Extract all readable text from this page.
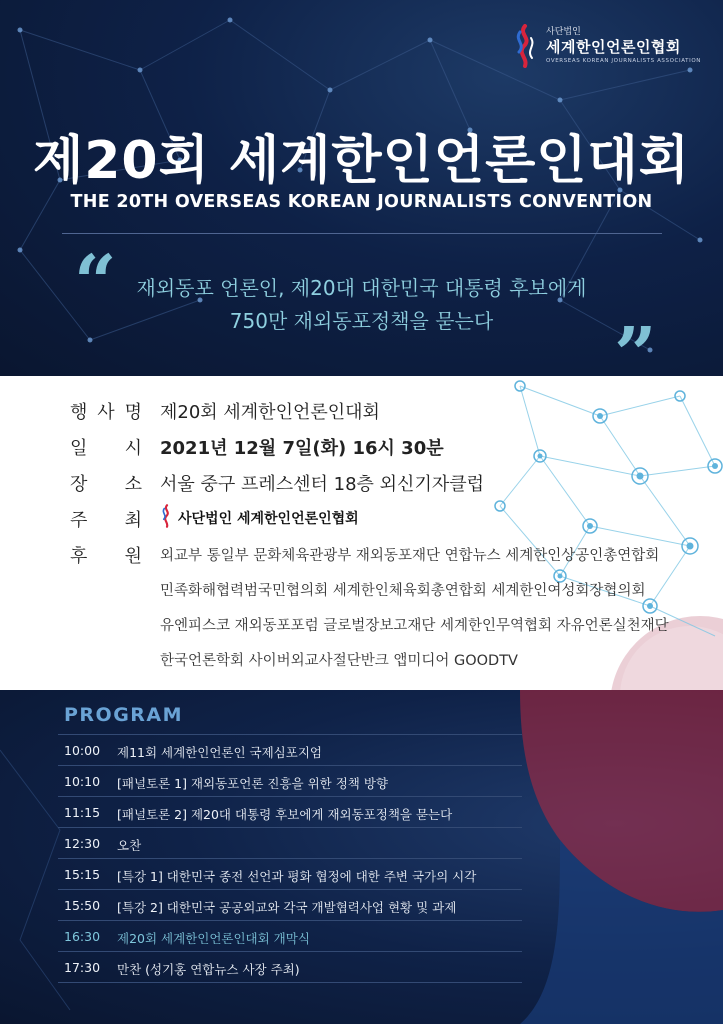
사단법인
세계한인언론인협회
OVERSEAS KOREAN JOURNALISTS ASSOCIATION
제20회 세계한인언론인대회
THE 20TH OVERSEAS KOREAN JOURNALISTS CONVENTION
“ 재외동포 언론인, 제20대 대한민국 대통령 후보에게
750만 재외동포정책을 묻는다	”
행 사 명 제20회 세계한인언론인대회
일 시 2021년 12월 7일(화) 16시 30분
장 소 서울 중구 프레스센터 18층 외신기자클럽
주 최	사단법인 세계한인언론인협회
후 원 외교부 통일부 문화체육관광부 재외동포재단 연합뉴스 세계한인상공인총연합회
민족화해협력범국민협의회 세계한인체육회총연합회 세계한인여성회장협의회
유엔피스코 재외동포포럼 글로벌장보고재단 세계한인무역협회 자유언론실천재단
한국언론학회 사이버외교사절단반크 앱미디어 GOODTV
PROGRAM
10:00	제11회 세계한인언론인 국제심포지엄
10:10	[패널토론 1] 재외동포언론 진흥을 위한 정책 방향
11:15	[패널토론 2] 제20대 대통령 후보에게 재외동포정책을 묻는다
12:30	오찬
15:15	[특강 1] 대한민국 종전 선언과 평화 협정에 대한 주변 국가의 시각
15:50	[특강 2] 대한민국 공공외교와 각국 개발협력사업 현황 및 과제
16:30	제20회 세계한인언론인대회 개막식
17:30	만찬 (성기홍 연합뉴스 사장 주최)
